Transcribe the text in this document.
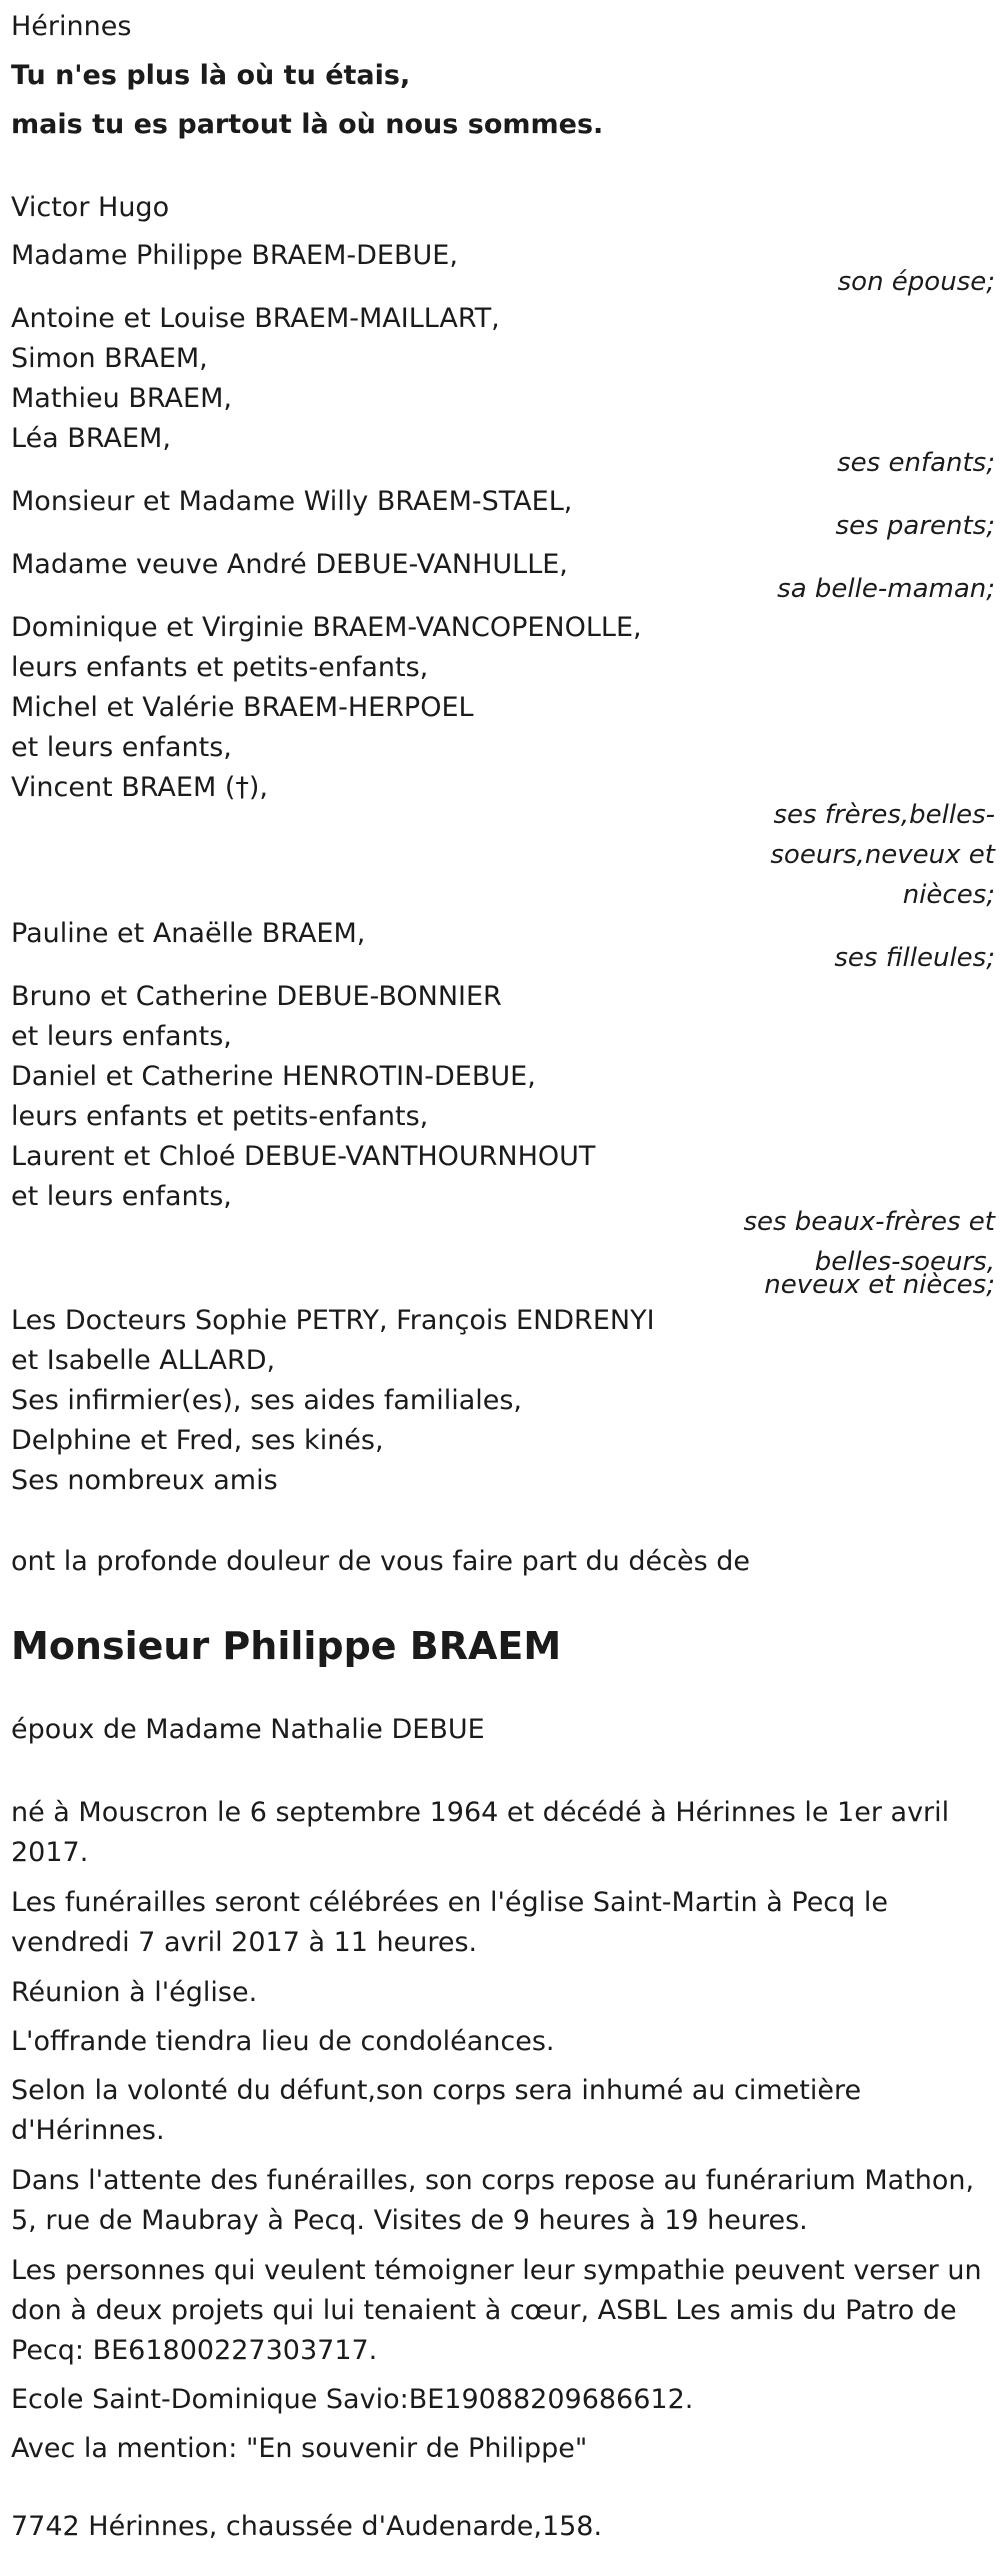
Hérinnes
Tu n'es plus là où tu étais,
mais tu es partout là où nous sommes.
Victor Hugo
Madame Philippe BRAEM-DEBUE,
son épouse;
Antoine et Louise BRAEM-MAILLART,
Simon BRAEM,
Mathieu BRAEM,
Léa BRAEM,
ses enfants;
Monsieur et Madame Willy BRAEM-STAEL,
ses parents;
Madame veuve André DEBUE-VANHULLE,
sa belle-maman;
Dominique et Virginie BRAEM-VANCOPENOLLE,
leurs enfants et petits-enfants,
Michel et Valérie BRAEM-HERPOEL
et leurs enfants,
Vincent BRAEM (†),
ses frères,belles-
soeurs,neveux et
nièces;
Pauline et Anaëlle BRAEM,
ses filleules;
Bruno et Catherine DEBUE-BONNIER
et leurs enfants,
Daniel et Catherine HENROTIN-DEBUE,
leurs enfants et petits-enfants,
Laurent et Chloé DEBUE-VANTHOURNHOUT
et leurs enfants,
ses beaux-frères et
belles-soeurs,
neveux et nièces;
Les Docteurs Sophie PETRY, François ENDRENYI
et Isabelle ALLARD,
Ses infirmier(es), ses aides familiales,
Delphine et Fred, ses kinés,
Ses nombreux amis
ont la profonde douleur de vous faire part du décès de
Monsieur Philippe BRAEM
époux de Madame Nathalie DEBUE

né à Mouscron le 6 septembre 1964 et décédé à Hérinnes le 1er avril 2017.

Les funérailles seront célébrées en l'église Saint-Martin à Pecq le vendredi 7 avril 2017 à 11 heures.

Réunion à l'église.

L'offrande tiendra lieu de condoléances.

Selon la volonté du défunt,son corps sera inhumé au cimetière d'Hérinnes.

Dans l'attente des funérailles, son corps repose au funérarium Mathon, 5, rue de Maubray à Pecq. Visites de 9 heures à 19 heures.

Les personnes qui veulent témoigner leur sympathie peuvent verser un don à deux projets qui lui tenaient à cœur, ASBL Les amis du Patro de Pecq: BE61800227303717.

Ecole Saint-Dominique Savio:BE19088209686612.

Avec la mention: "En souvenir de Philippe"

7742 Hérinnes, chaussée d'Audenarde,158.
